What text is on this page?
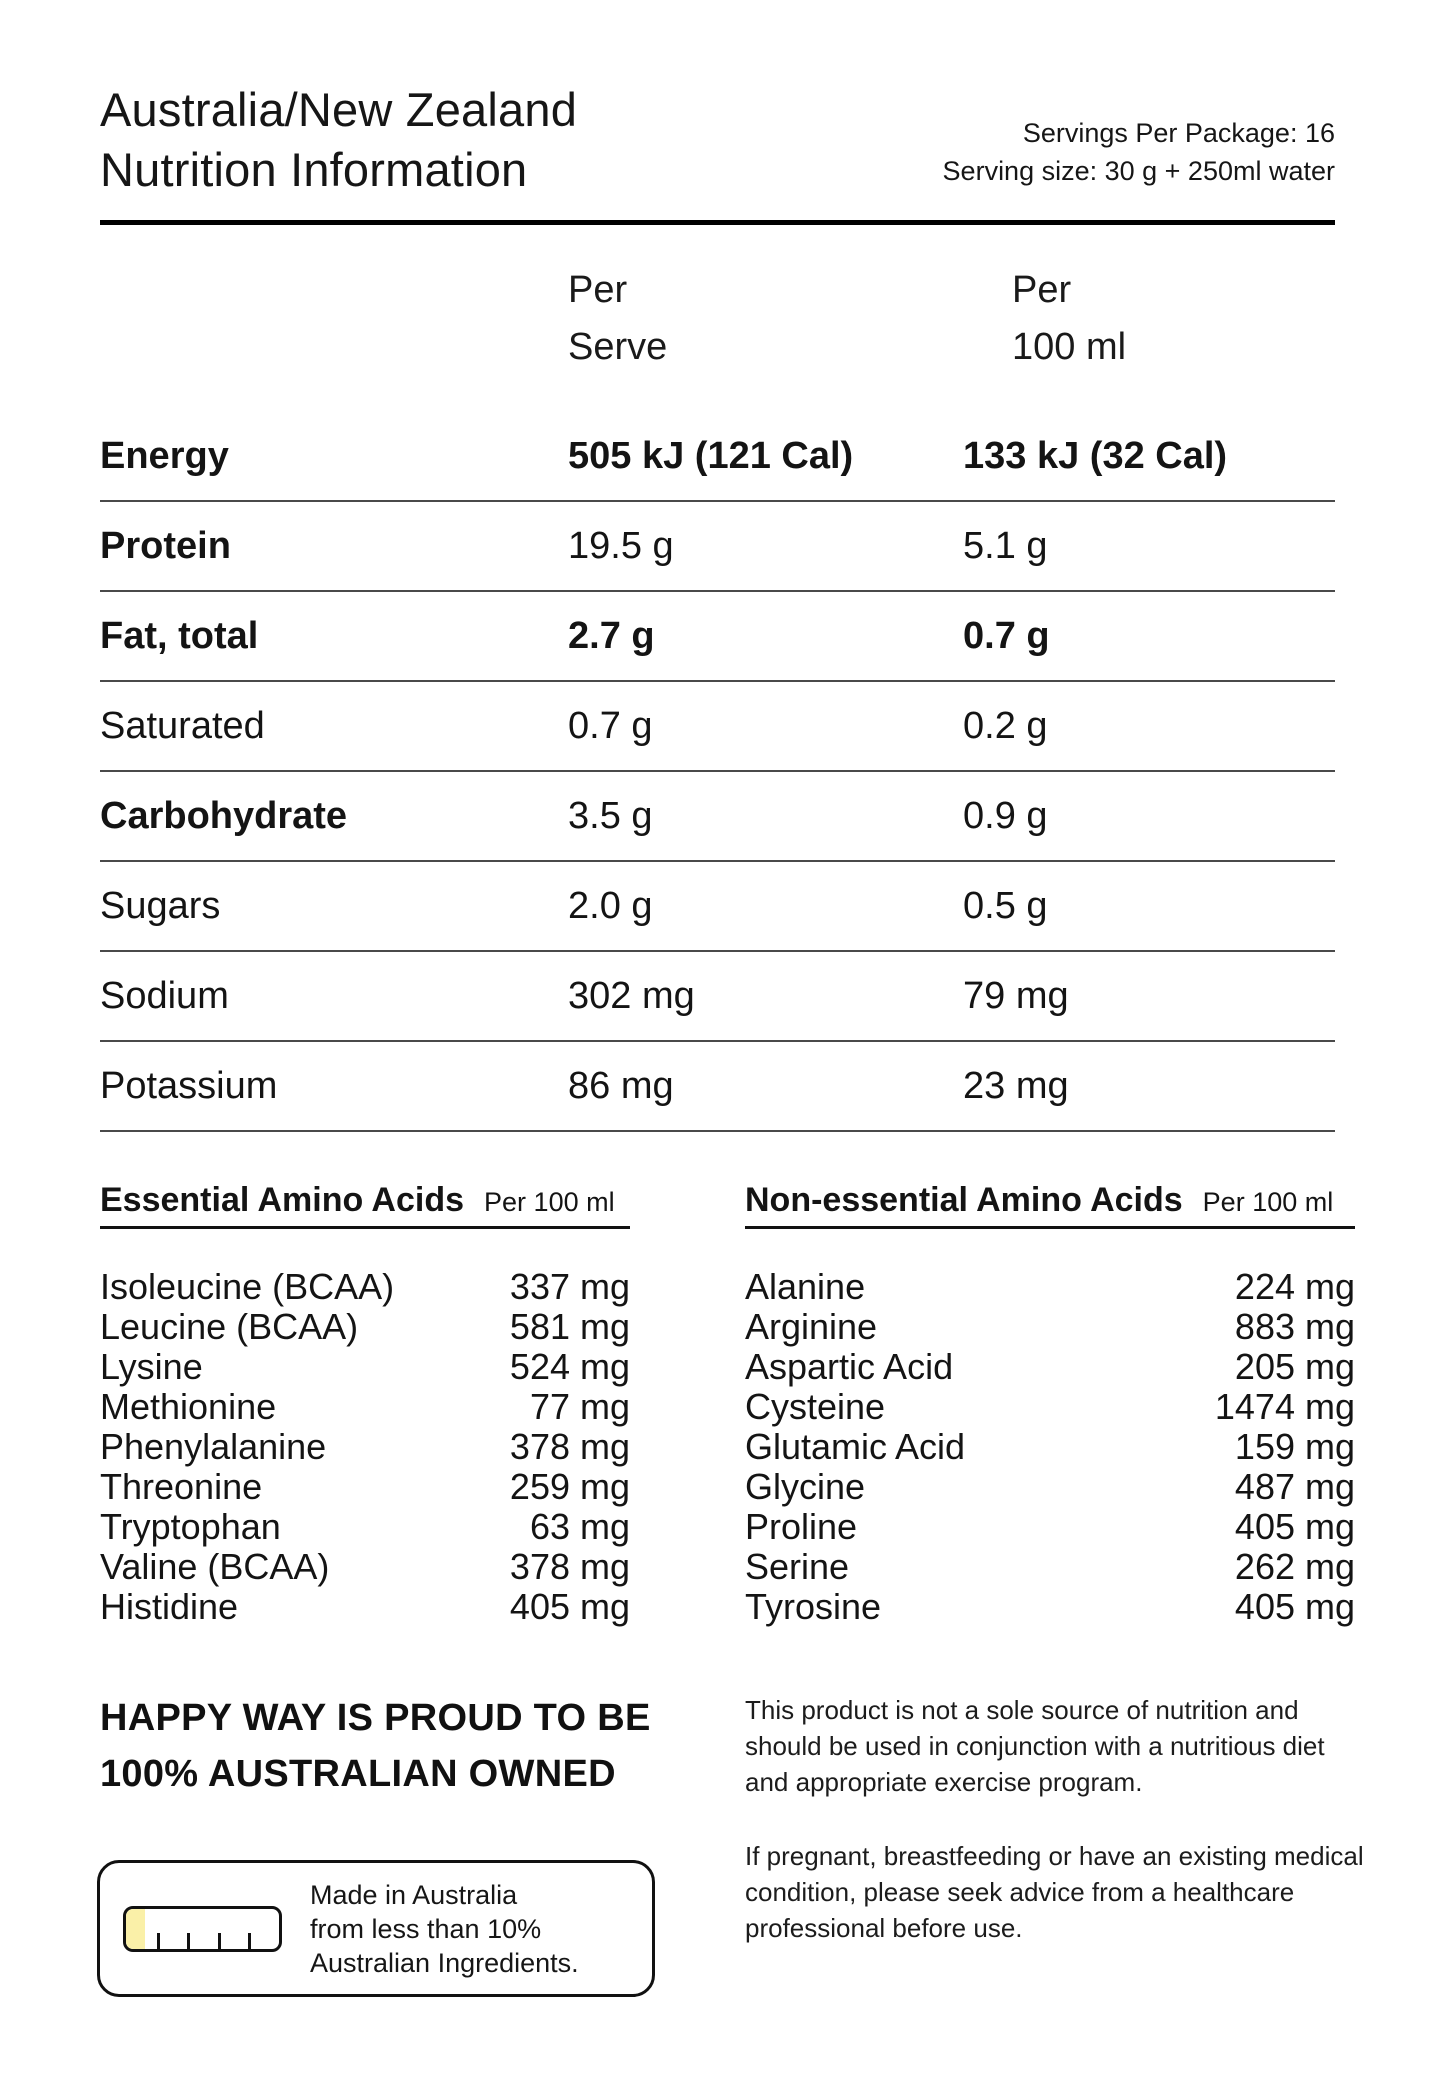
Australia/New Zealand
Nutrition Information
Servings Per Package: 16
Serving size: 30 g + 250ml water
Per
Serve
Per
100 ml
Energy	505 kJ (121 Cal)	133 kJ (32 Cal)
Protein	19.5 g	5.1 g
Fat, total	2.7 g	0.7 g
Saturated	0.7 g	0.2 g
Carbohydrate	3.5 g	0.9 g
Sugars	2.0 g	0.5 g
Sodium	302 mg	79 mg
Potassium	86 mg	23 mg
Essential Amino Acids Per 100 ml
Isoleucine (BCAA)	337 mg
Leucine (BCAA)	581 mg
Lysine	524 mg
Methionine	77 mg
Phenylalanine	378 mg
Threonine	259 mg
Tryptophan	63 mg
Valine (BCAA)	378 mg
Histidine	405 mg
Non-essential Amino Acids Per 100 ml
Alanine	224 mg
Arginine	883 mg
Aspartic Acid	205 mg
Cysteine	1474 mg
Glutamic Acid	159 mg
Glycine	487 mg
Proline	405 mg
Serine	262 mg
Tyrosine	405 mg
HAPPY WAY IS PROUD TO BE
100% AUSTRALIAN OWNED

This product is not a sole source of nutrition and should be used in conjunction with a nutritious diet and appropriate exercise program.

If pregnant, breastfeeding or have an existing medical condition, please seek advice from a healthcare professional before use.

Made in Australia
from less than 10%
Australian Ingredients.
